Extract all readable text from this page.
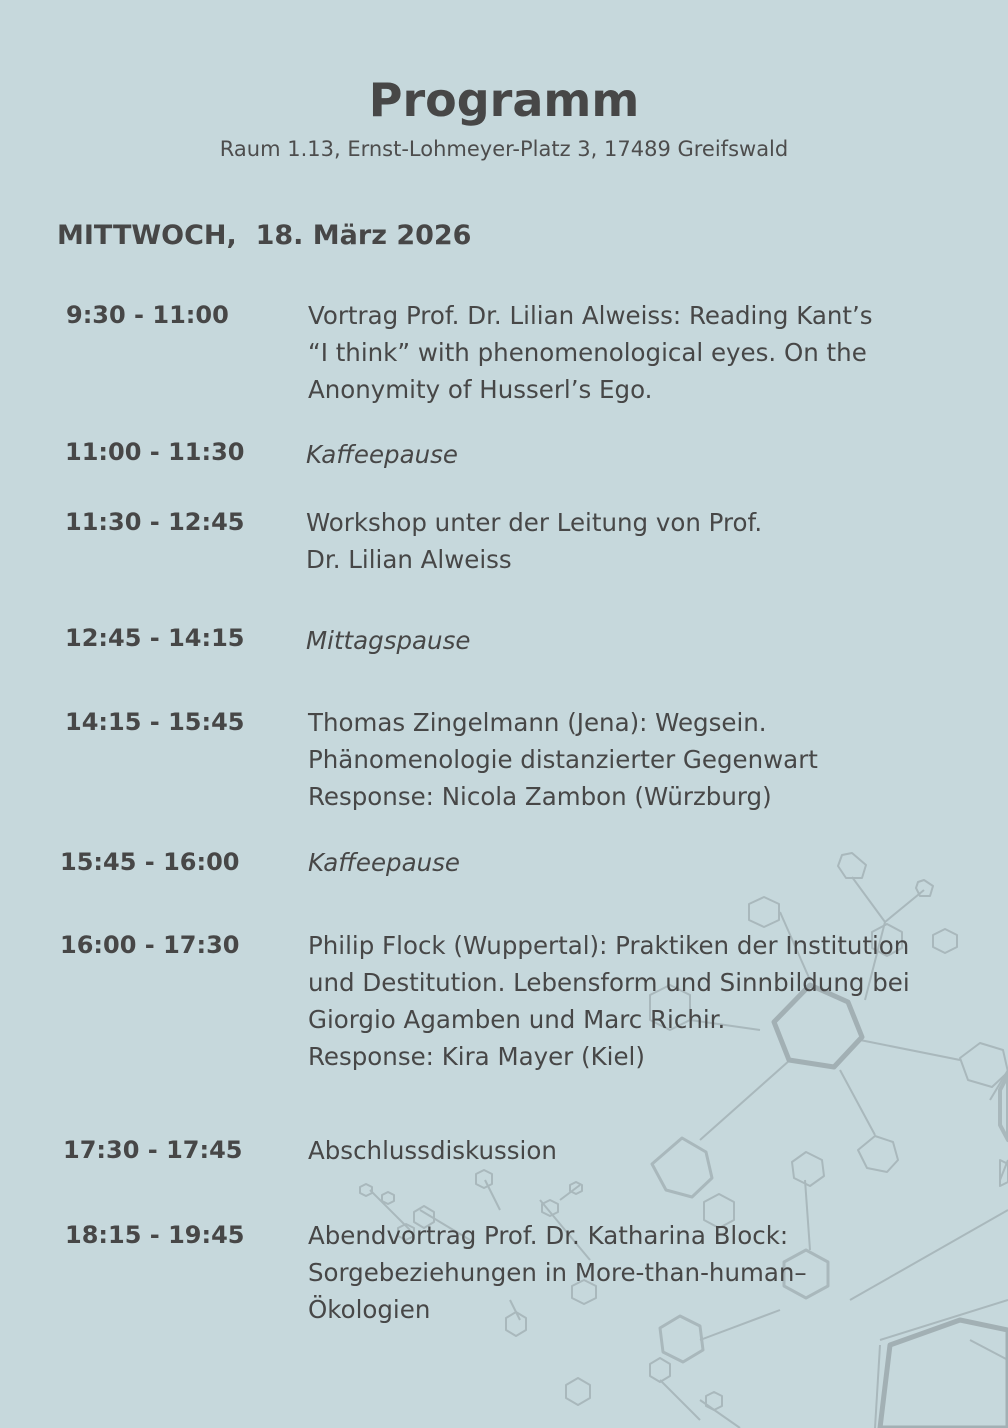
Programm

Raum 1.13, Ernst-Lohmeyer-Platz 3, 17489 Greifswald

MITTWOCH,  18. März 2026

9:30 - 11:00	Vortrag Prof. Dr. Lilian Alweiss: Reading Kant’s
“I think” with phenomenological eyes. On the
Anonymity of Husserl’s Ego.
11:00 - 11:30	Kaffeepause
11:30 - 12:45	Workshop unter der Leitung von Prof.
Dr. Lilian Alweiss
12:45 - 14:15	Mittagspause
14:15 - 15:45	Thomas Zingelmann (Jena): Wegsein.
Phänomenologie distanzierter Gegenwart
Response: Nicola Zambon (Würzburg)
15:45 - 16:00	Kaffeepause
16:00 - 17:30	Philip Flock (Wuppertal): Praktiken der Institution
und Destitution. Lebensform und Sinnbildung bei
Giorgio Agamben und Marc Richir.
Response: Kira Mayer (Kiel)
17:30 - 17:45	Abschlussdiskussion
18:15 - 19:45	Abendvortrag Prof. Dr. Katharina Block:
Sorgebeziehungen in More-than-human–
Ökologien
